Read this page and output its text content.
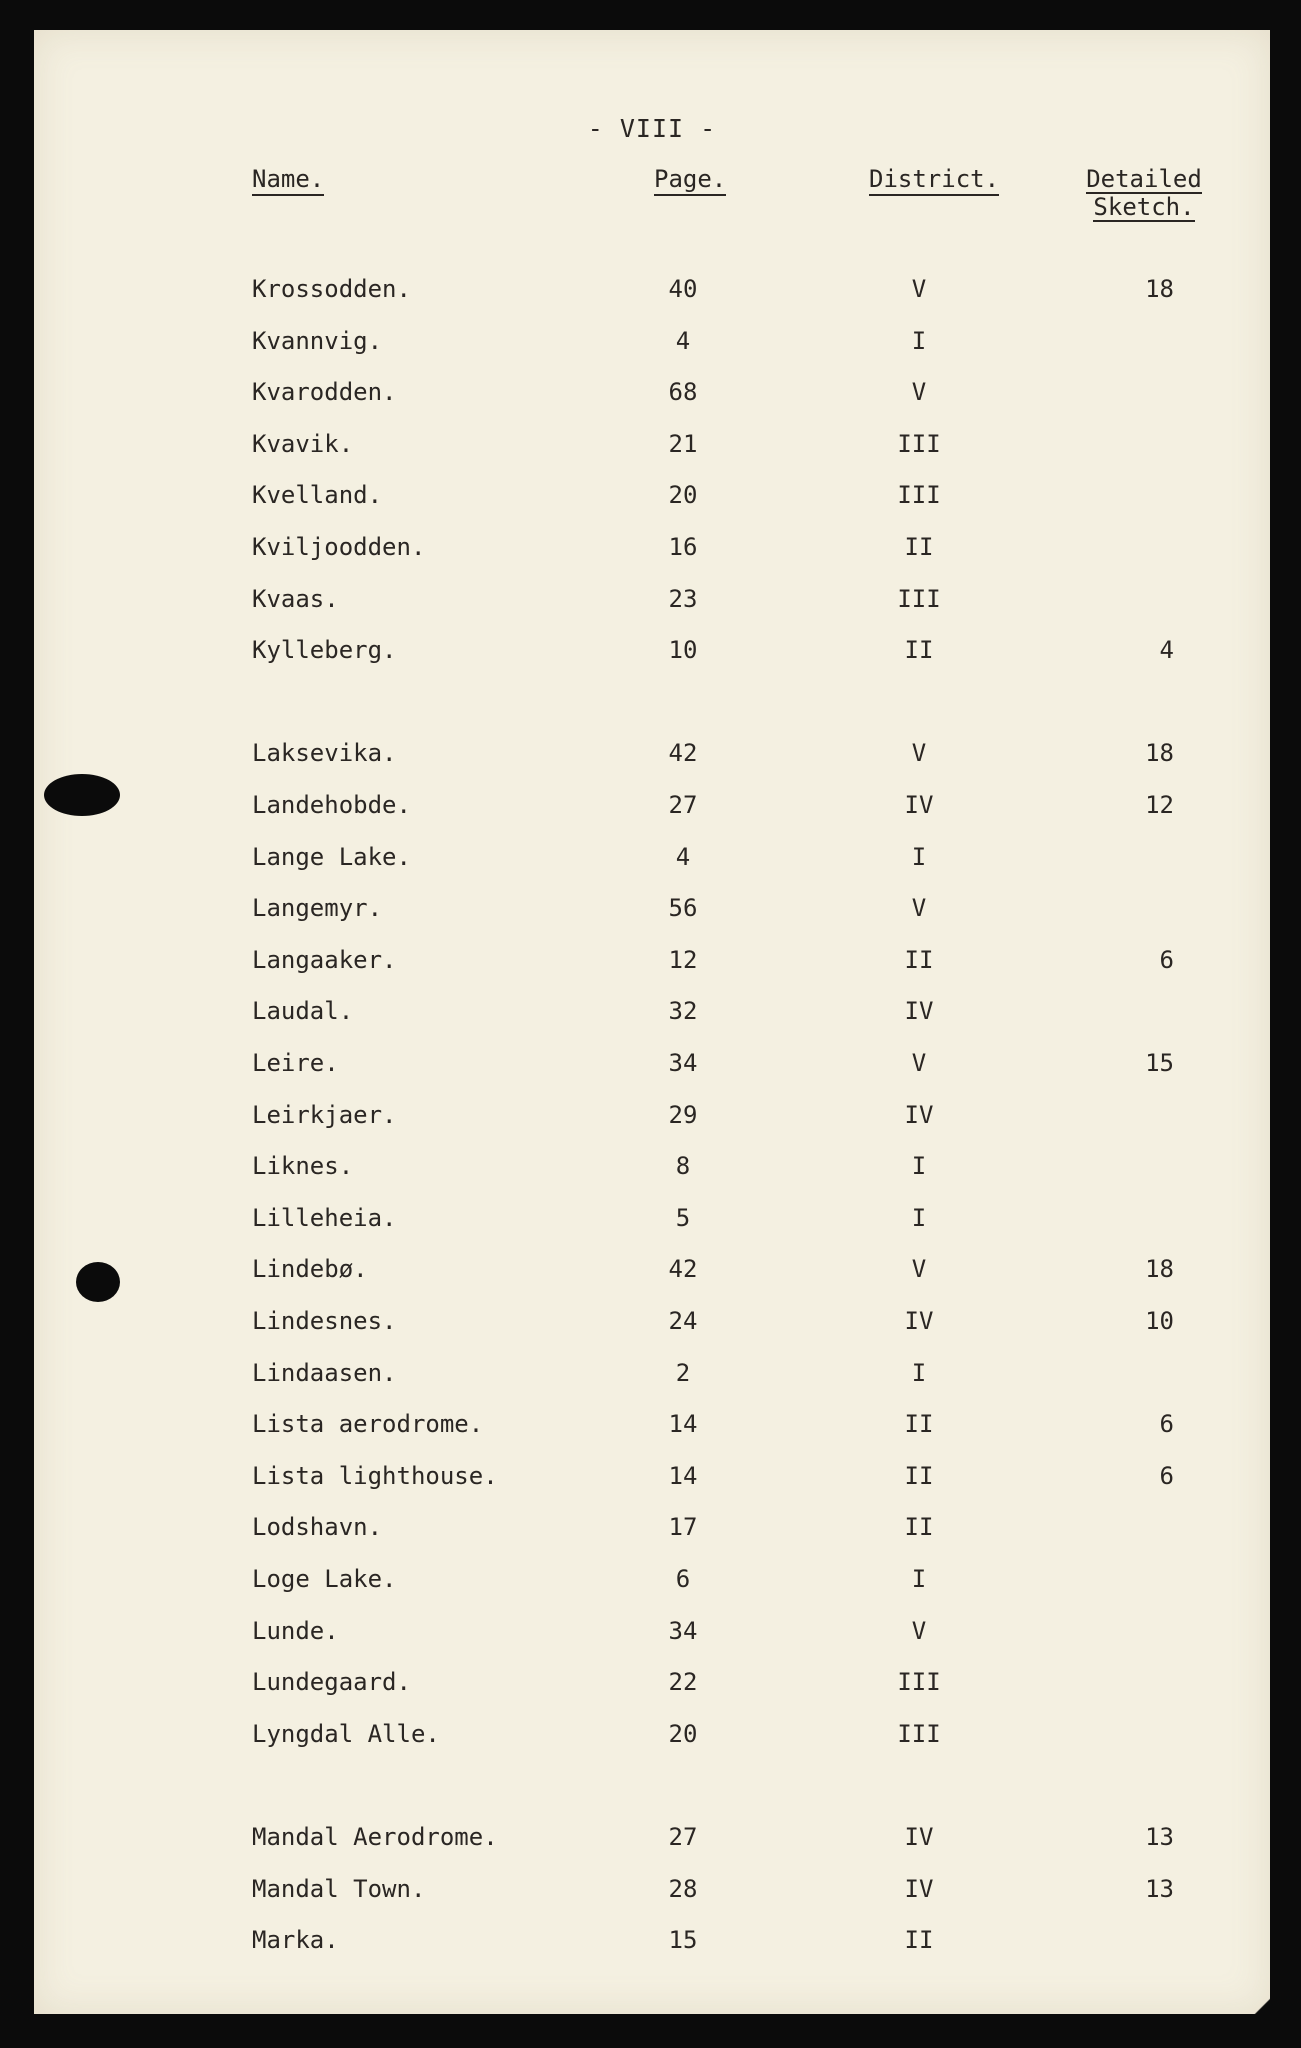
- VIII -
Name.	Page.	District.	Detailed
Sketch.
Krossodden.	40	V	18
Kvannvig.	4	I
Kvarodden.	68	V
Kvavik.	21	III
Kvelland.	20	III
Kviljoodden.	16	II
Kvaas.	23	III
Kylleberg.	10	II	4
Laksevika.	42	V	18
Landehobde.	27	IV	12
Lange Lake.	4	I
Langemyr.	56	V
Langaaker.	12	II	6
Laudal.	32	IV
Leire.	34	V	15
Leirkjaer.	29	IV
Liknes.	8	I
Lilleheia.	5	I
Lindebø.	42	V	18
Lindesnes.	24	IV	10
Lindaasen.	2	I
Lista aerodrome.	14	II	6
Lista lighthouse.	14	II	6
Lodshavn.	17	II
Loge Lake.	6	I
Lunde.	34	V
Lundegaard.	22	III
Lyngdal Alle.	20	III
Mandal Aerodrome.	27	IV	13
Mandal Town.	28	IV	13
Marka.	15	II
